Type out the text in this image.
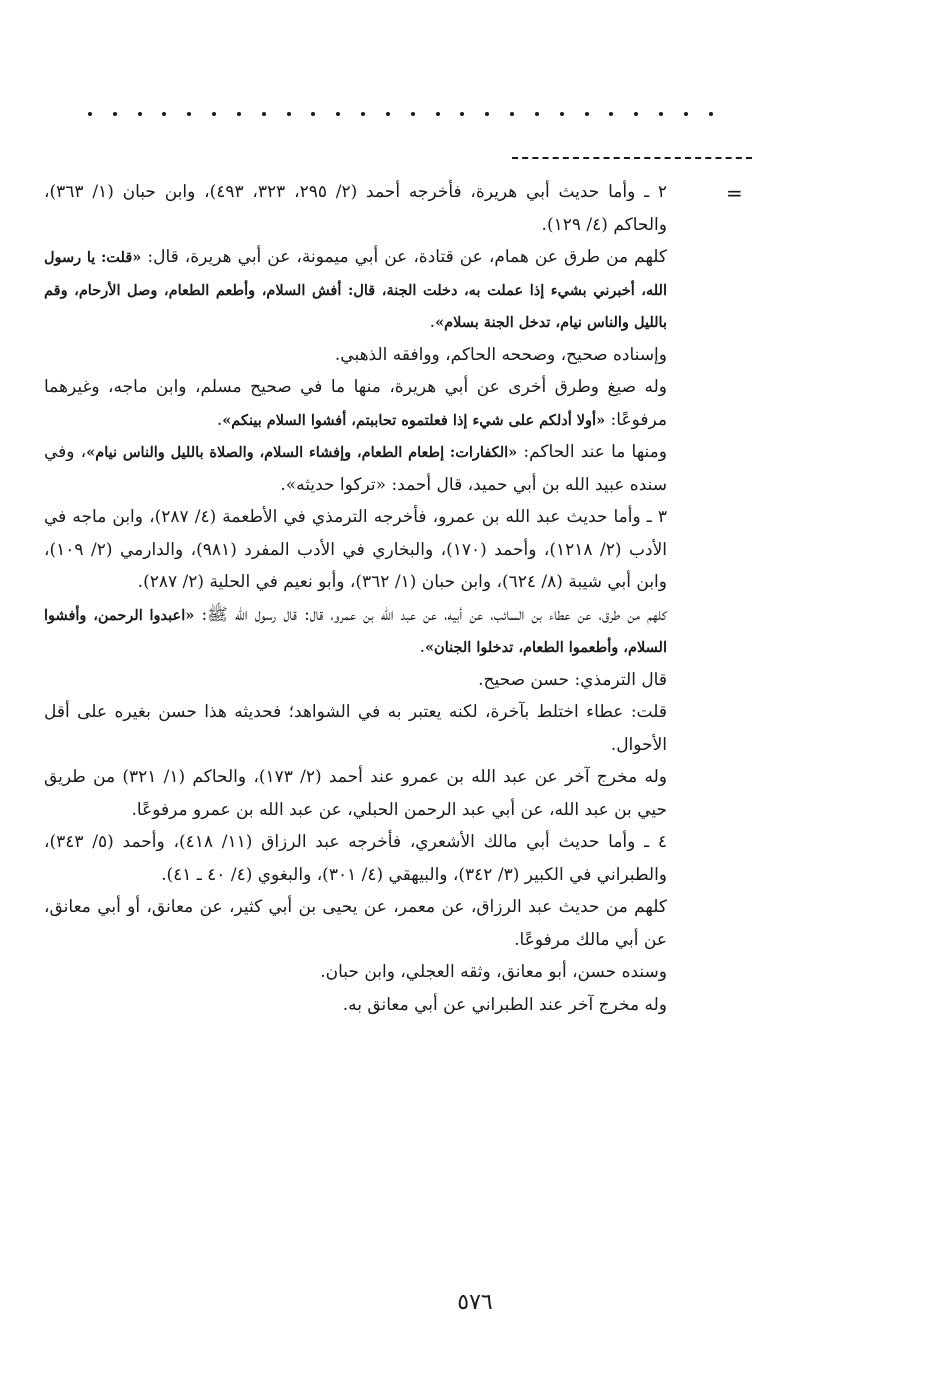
=

٢ ـ وأما حديث أبي هريرة، فأخرجه أحمد (٢/ ٢٩٥، ٣٢٣، ٤٩٣)، وابن حبان (١/ ٣٦٣)، والحاكم (٤/ ١٢٩).

كلهم من طرق عن همام، عن قتادة، عن أبي ميمونة، عن أبي هريرة، قال: «قلت: يا رسول الله، أخبرني بشيء إذا عملت به، دخلت الجنة، قال: أفش السلام، وأطعم الطعام، وصل الأرحام، وقم بالليل والناس نيام، تدخل الجنة بسلام».

وإسناده صحيح، وصححه الحاكم، ووافقه الذهبي.

وله صيغ وطرق أخرى عن أبي هريرة، منها ما في صحيح مسلم، وابن ماجه، وغيرهما مرفوعًا: «أولا أدلكم على شيء إذا فعلتموه تحاببتم، أفشوا السلام بينكم».

ومنها ما عند الحاكم: «الكفارات: إطعام الطعام، وإفشاء السلام، والصلاة بالليل والناس نيام»، وفي سنده عبيد الله بن أبي حميد، قال أحمد: «تركوا حديثه».

٣ ـ وأما حديث عبد الله بن عمرو، فأخرجه الترمذي في الأطعمة (٤/ ٢٨٧)، وابن ماجه في الأدب (٢/ ١٢١٨)، وأحمد (١٧٠)، والبخاري في الأدب المفرد (٩٨١)، والدارمي (٢/ ١٠٩)، وابن أبي شيبة (٨/ ٦٢٤)، وابن حبان (١/ ٣٦٢)، وأبو نعيم في الحلية (٢/ ٢٨٧).

كلهم من طرق، عن عطاء بن السائب، عن أبيه، عن عبد الله بن عمرو، قال: قال رسول الله ﷺ: «اعبدوا الرحمن، وأفشوا السلام، وأطعموا الطعام، تدخلوا الجنان».

قال الترمذي: حسن صحيح.

قلت: عطاء اختلط بآخرة، لكنه يعتبر به في الشواهد؛ فحديثه هذا حسن بغيره على أقل الأحوال.

وله مخرج آخر عن عبد الله بن عمرو عند أحمد (٢/ ١٧٣)، والحاكم (١/ ٣٢١) من طريق حيي بن عبد الله، عن أبي عبد الرحمن الحبلي، عن عبد الله بن عمرو مرفوعًا.

٤ ـ وأما حديث أبي مالك الأشعري، فأخرجه عبد الرزاق (١١/ ٤١٨)، وأحمد (٥/ ٣٤٣)، والطبراني في الكبير (٣/ ٣٤٢)، والبيهقي (٤/ ٣٠١)، والبغوي (٤/ ٤٠ ـ ٤١).

كلهم من حديث عبد الرزاق، عن معمر، عن يحيى بن أبي كثير، عن معانق، أو أبي معانق، عن أبي مالك مرفوعًا.

وسنده حسن، أبو معانق، وثقه العجلي، وابن حبان.

وله مخرج آخر عند الطبراني عن أبي معانق به.

٥٧٦
